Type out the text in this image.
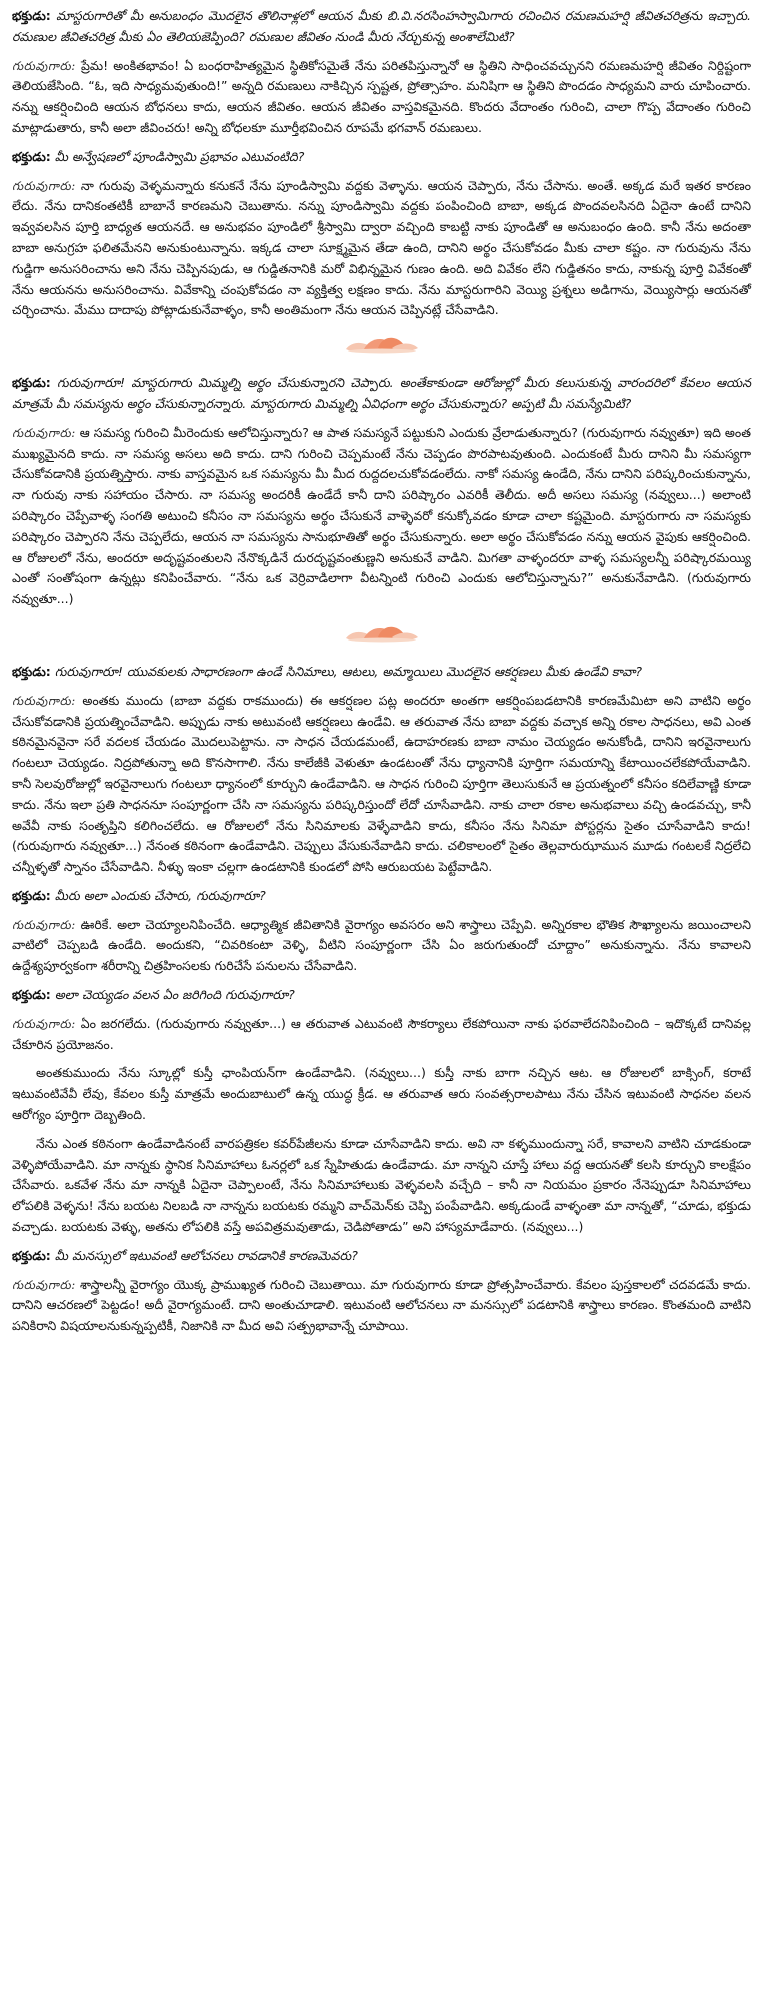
భక్తుడు: మాస్టరుగారితో మీ అనుబంధం మొదలైన తొలినాళ్లలో ఆయన మీకు బి.వి.నరసింహస్వామిగారు రచించిన రమణమహర్షి జీవితచరిత్రను ఇచ్చారు. రమణుల జీవితచరిత్ర మీకు ఏం తెలియజెప్పింది? రమణుల జీవితం నుండి మీరు నేర్చుకున్న అంశాలేమిటి?
గురువుగారు: ప్రేమ! అంకితభావం! ఏ బంధరాహిత్యమైన స్థితికోసమైతే నేను పరితపిస్తున్నానో ఆ స్థితిని సాధించవచ్చునని రమణమహర్షి జీవితం నిర్దిష్టంగా తెలియజేసింది. “ఓ, ఇది సాధ్యమవుతుంది!” అన్నది రమణులు నాకిచ్చిన స్పష్టత, ప్రోత్సాహం. మనిషిగా ఆ స్థితిని పొందడం సాధ్యమని వారు చూపించారు. నన్ను ఆకర్షించింది ఆయన బోధనలు కాదు, ఆయన జీవితం. ఆయన జీవితం వాస్తవికమైనది. కొందరు వేదాంతం గురించి, చాలా గొప్ప వేదాంతం గురించి మాట్లాడుతారు, కానీ అలా జీవించరు! అన్ని బోధలకూ మూర్తీభవించిన రూపమే భగవాన్ రమణులు.
భక్తుడు: మీ అన్వేషణలో పూండిస్వామి ప్రభావం ఎటువంటిది?
గురువుగారు: నా గురువు వెళ్ళమన్నారు కనుకనే నేను పూండిస్వామి వద్దకు వెళ్ళాను. ఆయన చెప్పారు, నేను చేసాను. అంతే. అక్కడ మరే ఇతర కారణం లేదు. నేను దానికంతటికీ బాబానే కారణమని చెబుతాను. నన్ను పూండిస్వామి వద్దకు పంపించింది బాబా, అక్కడ పొందవలసినది ఏదైనా ఉంటే దానిని ఇవ్వవలసిన పూర్తి బాధ్యత ఆయనదే. ఆ అనుభవం పూండిలో శ్రీస్వామి ద్వారా వచ్చింది కాబట్టి నాకు పూండితో ఆ అనుబంధం ఉంది. కానీ నేను అదంతా బాబా అనుగ్రహ ఫలితమేనని అనుకుంటున్నాను. ఇక్కడ చాలా సూక్ష్మమైన తేడా ఉంది, దానిని అర్థం చేసుకోవడం మీకు చాలా కష్టం. నా గురువును నేను గుడ్డిగా అనుసరించాను అని నేను చెప్పినపుడు, ఆ గుడ్డితనానికి మరో విభిన్నమైన గుణం ఉంది. అది వివేకం లేని గుడ్డితనం కాదు, నాకున్న పూర్తి వివేకంతో నేను ఆయనను అనుసరించాను. వివేకాన్ని చంపుకోవడం నా వ్యక్తిత్వ లక్షణం కాదు. నేను మాస్టరుగారిని వెయ్యి ప్రశ్నలు అడిగాను, వెయ్యిసార్లు ఆయనతో చర్చించాను. మేము దాదాపు పోట్లాడుకునేవాళ్ళం, కానీ అంతిమంగా నేను ఆయన చెప్పినట్లే చేసేవాడిని.
భక్తుడు: గురువుగారూ! మాస్టరుగారు మిమ్మల్ని అర్థం చేసుకున్నారని చెప్పారు. అంతేకాకుండా ఆరోజుల్లో మీరు కలుసుకున్న వారందరిలో కేవలం ఆయన మాత్రమే మీ సమస్యను అర్థం చేసుకున్నారన్నారు. మాస్టరుగారు మిమ్మల్ని ఏవిధంగా అర్థం చేసుకున్నారు? అప్పటి మీ సమస్యేమిటి?
గురువుగారు: ఆ సమస్య గురించి మీరెందుకు ఆలోచిస్తున్నారు? ఆ పాత సమస్యనే పట్టుకుని ఎందుకు వ్రేలాడుతున్నారు? (గురువుగారు నవ్వుతూ) ఇది అంత ముఖ్యమైనది కాదు. నా సమస్య అసలు అది కాదు. దాని గురించి చెప్పమంటే నేను చెప్పడం పొరపాటవుతుంది. ఎందుకంటే మీరు దానిని మీ సమస్యగా చేసుకోవడానికి ప్రయత్నిస్తారు. నాకు వాస్తవమైన ఒక సమస్యను మీ మీద రుద్దదలచుకోవడంలేదు. నాకో సమస్య ఉండేది, నేను దానిని పరిష్కరించుకున్నాను, నా గురువు నాకు సహాయం చేసారు. నా సమస్య అందరికీ ఉండేదే కానీ దాని పరిష్కారం ఎవరికీ తెలీదు. అదీ అసలు సమస్య (నవ్వులు...) అలాంటి పరిష్కారం చెప్పేవాళ్ళ సంగతి అటుంచి కనీసం నా సమస్యను అర్థం చేసుకునే వాళ్ళెవరో కనుక్కోవడం కూడా చాలా కష్టమైంది. మాస్టరుగారు నా సమస్యకు పరిష్కారం చెప్పారని నేను చెప్పలేదు, ఆయన నా సమస్యను సానుభూతితో అర్థం చేసుకున్నారు. అలా అర్థం చేసుకోవడం నన్ను ఆయన వైపుకు ఆకర్షించింది. ఆ రోజులలో నేను, అందరూ అదృష్టవంతులని నేనొక్కడినే దురదృష్టవంతుణ్ణని అనుకునే వాడిని. మిగతా వాళ్ళందరూ వాళ్ళ సమస్యలన్నీ పరిష్కారమయ్యి ఎంతో సంతోషంగా ఉన్నట్లు కనిపించేవారు. “నేను ఒక వెర్రివాడిలాగా వీటన్నింటి గురించి ఎందుకు ఆలోచిస్తున్నాను?” అనుకునేవాడిని. (గురువుగారు నవ్వుతూ...)
భక్తుడు: గురువుగారూ! యువకులకు సాధారణంగా ఉండే సినిమాలు, ఆటలు, అమ్మాయిలు మొదలైన ఆకర్షణలు మీకు ఉండేవి కావా?
గురువుగారు: అంతకు ముందు (బాబా వద్దకు రాకముందు) ఈ ఆకర్షణల పట్ల అందరూ అంతగా ఆకర్షింపబడటానికి కారణమేమిటా అని వాటిని అర్థం చేసుకోవడానికి ప్రయత్నించేవాడిని. అప్పుడు నాకు అటువంటి ఆకర్షణలు ఉండేవి. ఆ తరువాత నేను బాబా వద్దకు వచ్చాక అన్ని రకాల సాధనలు, అవి ఎంత కఠినమైనవైనా సరే వదలక చేయడం మొదలుపెట్టాను. నా సాధన చేయడమంటే, ఉదాహరణకు బాబా నామం చెయ్యడం అనుకోండి, దానిని ఇరవైనాలుగు గంటలూ చెయ్యడం. నిద్రపోతున్నా అది కొనసాగాలి. నేను కాలేజీకి వెళుతూ ఉండటంతో నేను ధ్యానానికి పూర్తిగా సమయాన్ని కేటాయించలేకపోయేవాడిని. కానీ సెలవురోజుల్లో ఇరవైనాలుగు గంటలూ ధ్యానంలో కూర్చుని ఉండేవాడిని. ఆ సాధన గురించి పూర్తిగా తెలుసుకునే ఆ ప్రయత్నంలో కనీసం కదిలేవాణ్ణి కూడా కాదు. నేను ఇలా ప్రతి సాధననూ సంపూర్ణంగా చేసి నా సమస్యను పరిష్కరిస్తుందో లేదో చూసేవాడిని. నాకు చాలా రకాల అనుభవాలు వచ్చి ఉండవచ్చు, కానీ అవేవీ నాకు సంతృప్తిని కలిగించలేదు. ఆ రోజులలో నేను సినిమాలకు వెళ్ళేవాడిని కాదు, కనీసం నేను సినిమా పోస్టర్లను సైతం చూసేవాడిని కాదు! (గురువుగారు నవ్వుతూ...) నేనంత కఠినంగా ఉండేవాడిని. చెప్పులు వేసుకునేవాడిని కాదు. చలికాలంలో సైతం తెల్లవారుఝామున మూడు గంటలకే నిద్రలేచి చన్నీళ్ళతో స్నానం చేసేవాడిని. నీళ్ళు ఇంకా చల్లగా ఉండటానికి కుండలో పోసి ఆరుబయట పెట్టేవాడిని.
భక్తుడు: మీరు అలా ఎందుకు చేసారు, గురువుగారూ?
గురువుగారు: ఊరికే. అలా చెయ్యాలనిపించేది. ఆధ్యాత్మిక జీవితానికి వైరాగ్యం అవసరం అని శాస్త్రాలు చెప్పేవి. అన్నిరకాల భౌతిక సౌఖ్యాలను జయించాలని వాటిలో చెప్పబడి ఉండేది. అందుకని, “చివరికంటా వెళ్ళి, వీటిని సంపూర్ణంగా చేసి ఏం జరుగుతుందో చూద్దాం” అనుకున్నాను. నేను కావాలని ఉద్దేశ్యపూర్వకంగా శరీరాన్ని చిత్రహింసలకు గురిచేసే పనులను చేసేవాడిని.
భక్తుడు: అలా చెయ్యడం వలన ఏం జరిగింది గురువుగారూ?
గురువుగారు: ఏం జరగలేదు. (గురువుగారు నవ్వుతూ...) ఆ తరువాత ఎటువంటి సౌకర్యాలు లేకపోయినా నాకు ఫరవాలేదనిపించింది – ఇదొక్కటే దానివల్ల చేకూరిన ప్రయోజనం.
అంతకుముందు నేను స్కూల్లో కుస్తీ ఛాంపియన్‌గా ఉండేవాడిని. (నవ్వులు...) కుస్తీ నాకు బాగా నచ్చిన ఆట. ఆ రోజులలో బాక్సింగ్, కరాటే ఇటువంటివేవీ లేవు, కేవలం కుస్తీ మాత్రమే అందుబాటులో ఉన్న యుద్ధ క్రీడ. ఆ తరువాత ఆరు సంవత్సరాలపాటు నేను చేసిన ఇటువంటి సాధనల వలన ఆరోగ్యం పూర్తిగా దెబ్బతింది.
నేను ఎంత కఠినంగా ఉండేవాడినంటే వారపత్రికల కవర్‌పేజీలను కూడా చూసేవాడిని కాదు. అవి నా కళ్ళముందున్నా సరే, కావాలని వాటిని చూడకుండా వెళ్ళిపోయేవాడిని. మా నాన్నకు స్థానిక సినిమాహాలు ఓనర్లలో ఒక స్నేహితుడు ఉండేవాడు. మా నాన్నని చూస్తే హాలు వద్ద ఆయనతో కలసి కూర్చుని కాలక్షేపం చేసేవారు. ఒకవేళ నేను మా నాన్నకి ఏదైనా చెప్పాలంటే, నేను సినిమాహాలుకు వెళ్ళవలసి వచ్చేది – కానీ నా నియమం ప్రకారం నేనెప్పుడూ సినిమాహాలు లోపలికి వెళ్ళను! నేను బయట నిలబడి నా నాన్నను బయటకు రమ్మని వాచ్‌మెన్‌కు చెప్పి పంపేవాడిని. అక్కడుండే వాళ్ళంతా మా నాన్నతో, “చూడు, భక్తుడు వచ్చాడు. బయటకు వెళ్ళు, అతను లోపలికి వస్తే అపవిత్రమవుతాడు, చెడిపోతాడు” అని హాస్యమాడేవారు. (నవ్వులు...)
భక్తుడు: మీ మనస్సులో ఇటువంటి ఆలోచనలు రావడానికి కారణమెవరు?
గురువుగారు: శాస్త్రాలన్నీ వైరాగ్యం యొక్క ప్రాముఖ్యత గురించి చెబుతాయి. మా గురువుగారు కూడా ప్రోత్సహించేవారు. కేవలం పుస్తకాలలో చదవడమే కాదు. దానిని ఆచరణలో పెట్టడం! అదీ వైరాగ్యమంటే. దాని అంతుచూడాలి. ఇటువంటి ఆలోచనలు నా మనస్సులో పడటానికి శాస్త్రాలు కారణం. కొంతమంది వాటిని పనికిరాని విషయాలనుకున్నప్పటికీ, నిజానికి నా మీద అవి సత్ప్రభావాన్నే చూపాయి.
